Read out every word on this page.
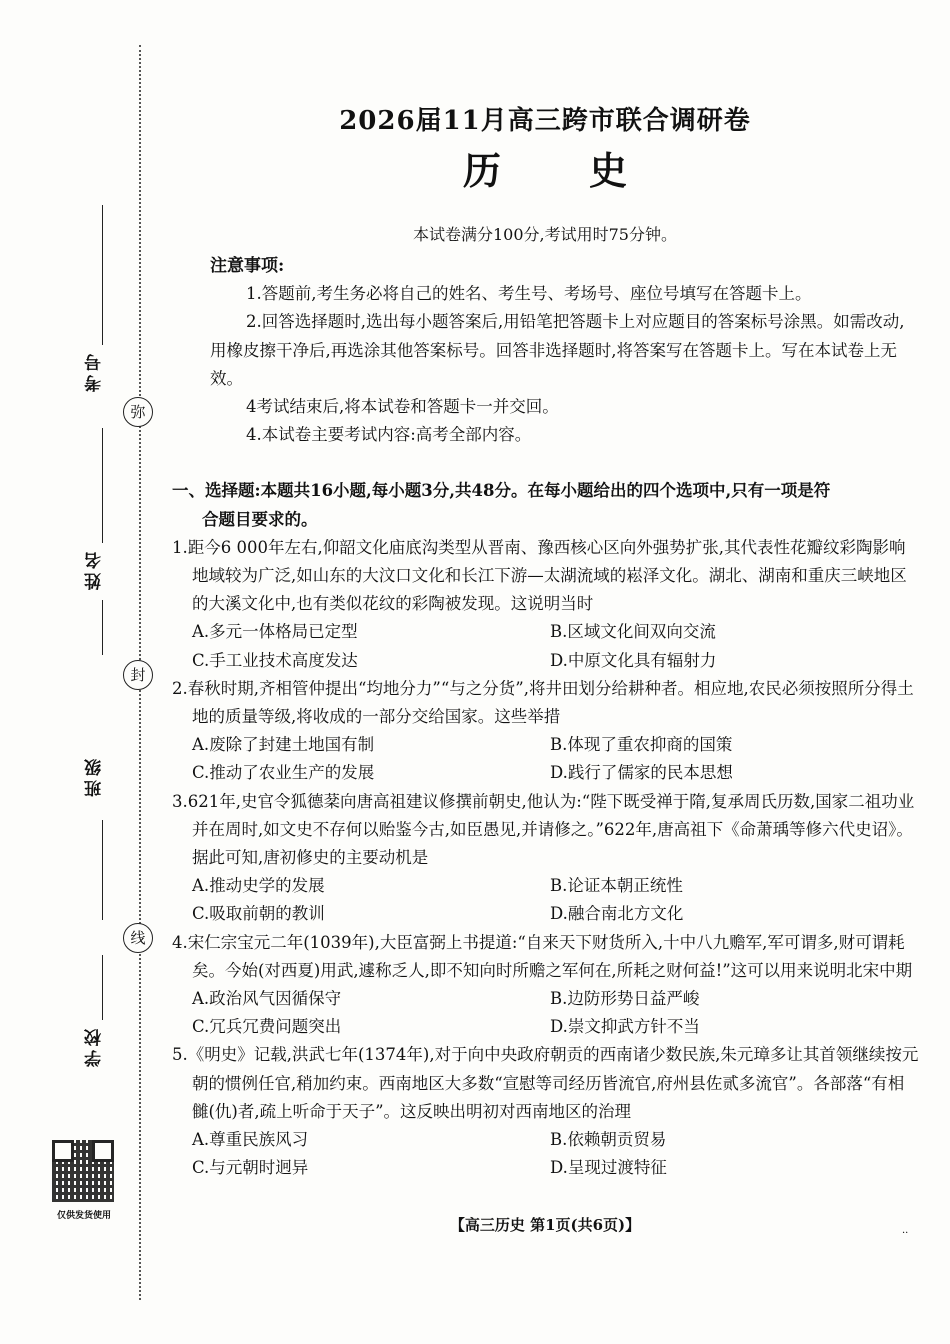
考号
弥
姓名
封
班级
线
学校
仅供发货使用
2026届11月高三跨市联合调研卷
历 史
本试卷满分100分,考试用时75分钟。
注意事项:

1.答题前,考生务必将自己的姓名、考生号、考场号、座位号填写在答题卡上。

2.回答选择题时,选出每小题答案后,用铅笔把答题卡上对应题目的答案标号涂黑。如需改动,用橡皮擦干净后,再选涂其他答案标号。回答非选择题时,将答案写在答题卡上。写在本试卷上无效。

4考试结束后,将本试卷和答题卡一并交回。

4.本试卷主要考试内容:高考全部内容。

一、选择题:本题共16小题,每小题3分,共48分。在每小题给出的四个选项中,只有一项是符
合题目要求的。

1.距今6 000年左右,仰韶文化庙底沟类型从晋南、豫西核心区向外强势扩张,其代表性花瓣纹彩陶影响地域较为广泛,如山东的大汶口文化和长江下游—太湖流域的崧泽文化。湖北、湖南和重庆三峡地区的大溪文化中,也有类似花纹的彩陶被发现。这说明当时

A.多元一体格局已定型	B.区域文化间双向交流
C.手工业技术高度发达	D.中原文化具有辐射力

2.春秋时期,齐相管仲提出“均地分力”“与之分货”,将井田划分给耕种者。相应地,农民必须按照所分得土地的质量等级,将收成的一部分交给国家。这些举措

A.废除了封建土地国有制	B.体现了重农抑商的国策
C.推动了农业生产的发展	D.践行了儒家的民本思想

3.621年,史官令狐德棻向唐高祖建议修撰前朝史,他认为:“陛下既受禅于隋,复承周氏历数,国家二祖功业并在周时,如文史不存何以贻鉴今古,如臣愚见,并请修之。”622年,唐高祖下《命萧瑀等修六代史诏》。据此可知,唐初修史的主要动机是

A.推动史学的发展	B.论证本朝正统性
C.吸取前朝的教训	D.融合南北方文化

4.宋仁宗宝元二年(1039年),大臣富弼上书提道:“自来天下财货所入,十中八九赡军,军可谓多,财可谓耗矣。今始(对西夏)用武,遽称乏人,即不知向时所赡之军何在,所耗之财何益!”这可以用来说明北宋中期

A.政治风气因循保守	B.边防形势日益严峻
C.冗兵冗费问题突出	D.崇文抑武方针不当

5.《明史》记载,洪武七年(1374年),对于向中央政府朝贡的西南诸少数民族,朱元璋多让其首领继续按元朝的惯例任官,稍加约束。西南地区大多数“宣慰等司经历皆流官,府州县佐贰多流官”。各部落“有相雠(仇)者,疏上听命于天子”。这反映出明初对西南地区的治理

A.尊重民族风习	B.依赖朝贡贸易
C.与元朝时迥异	D.呈现过渡特征
【高三历史 第1页(共6页)】	··
